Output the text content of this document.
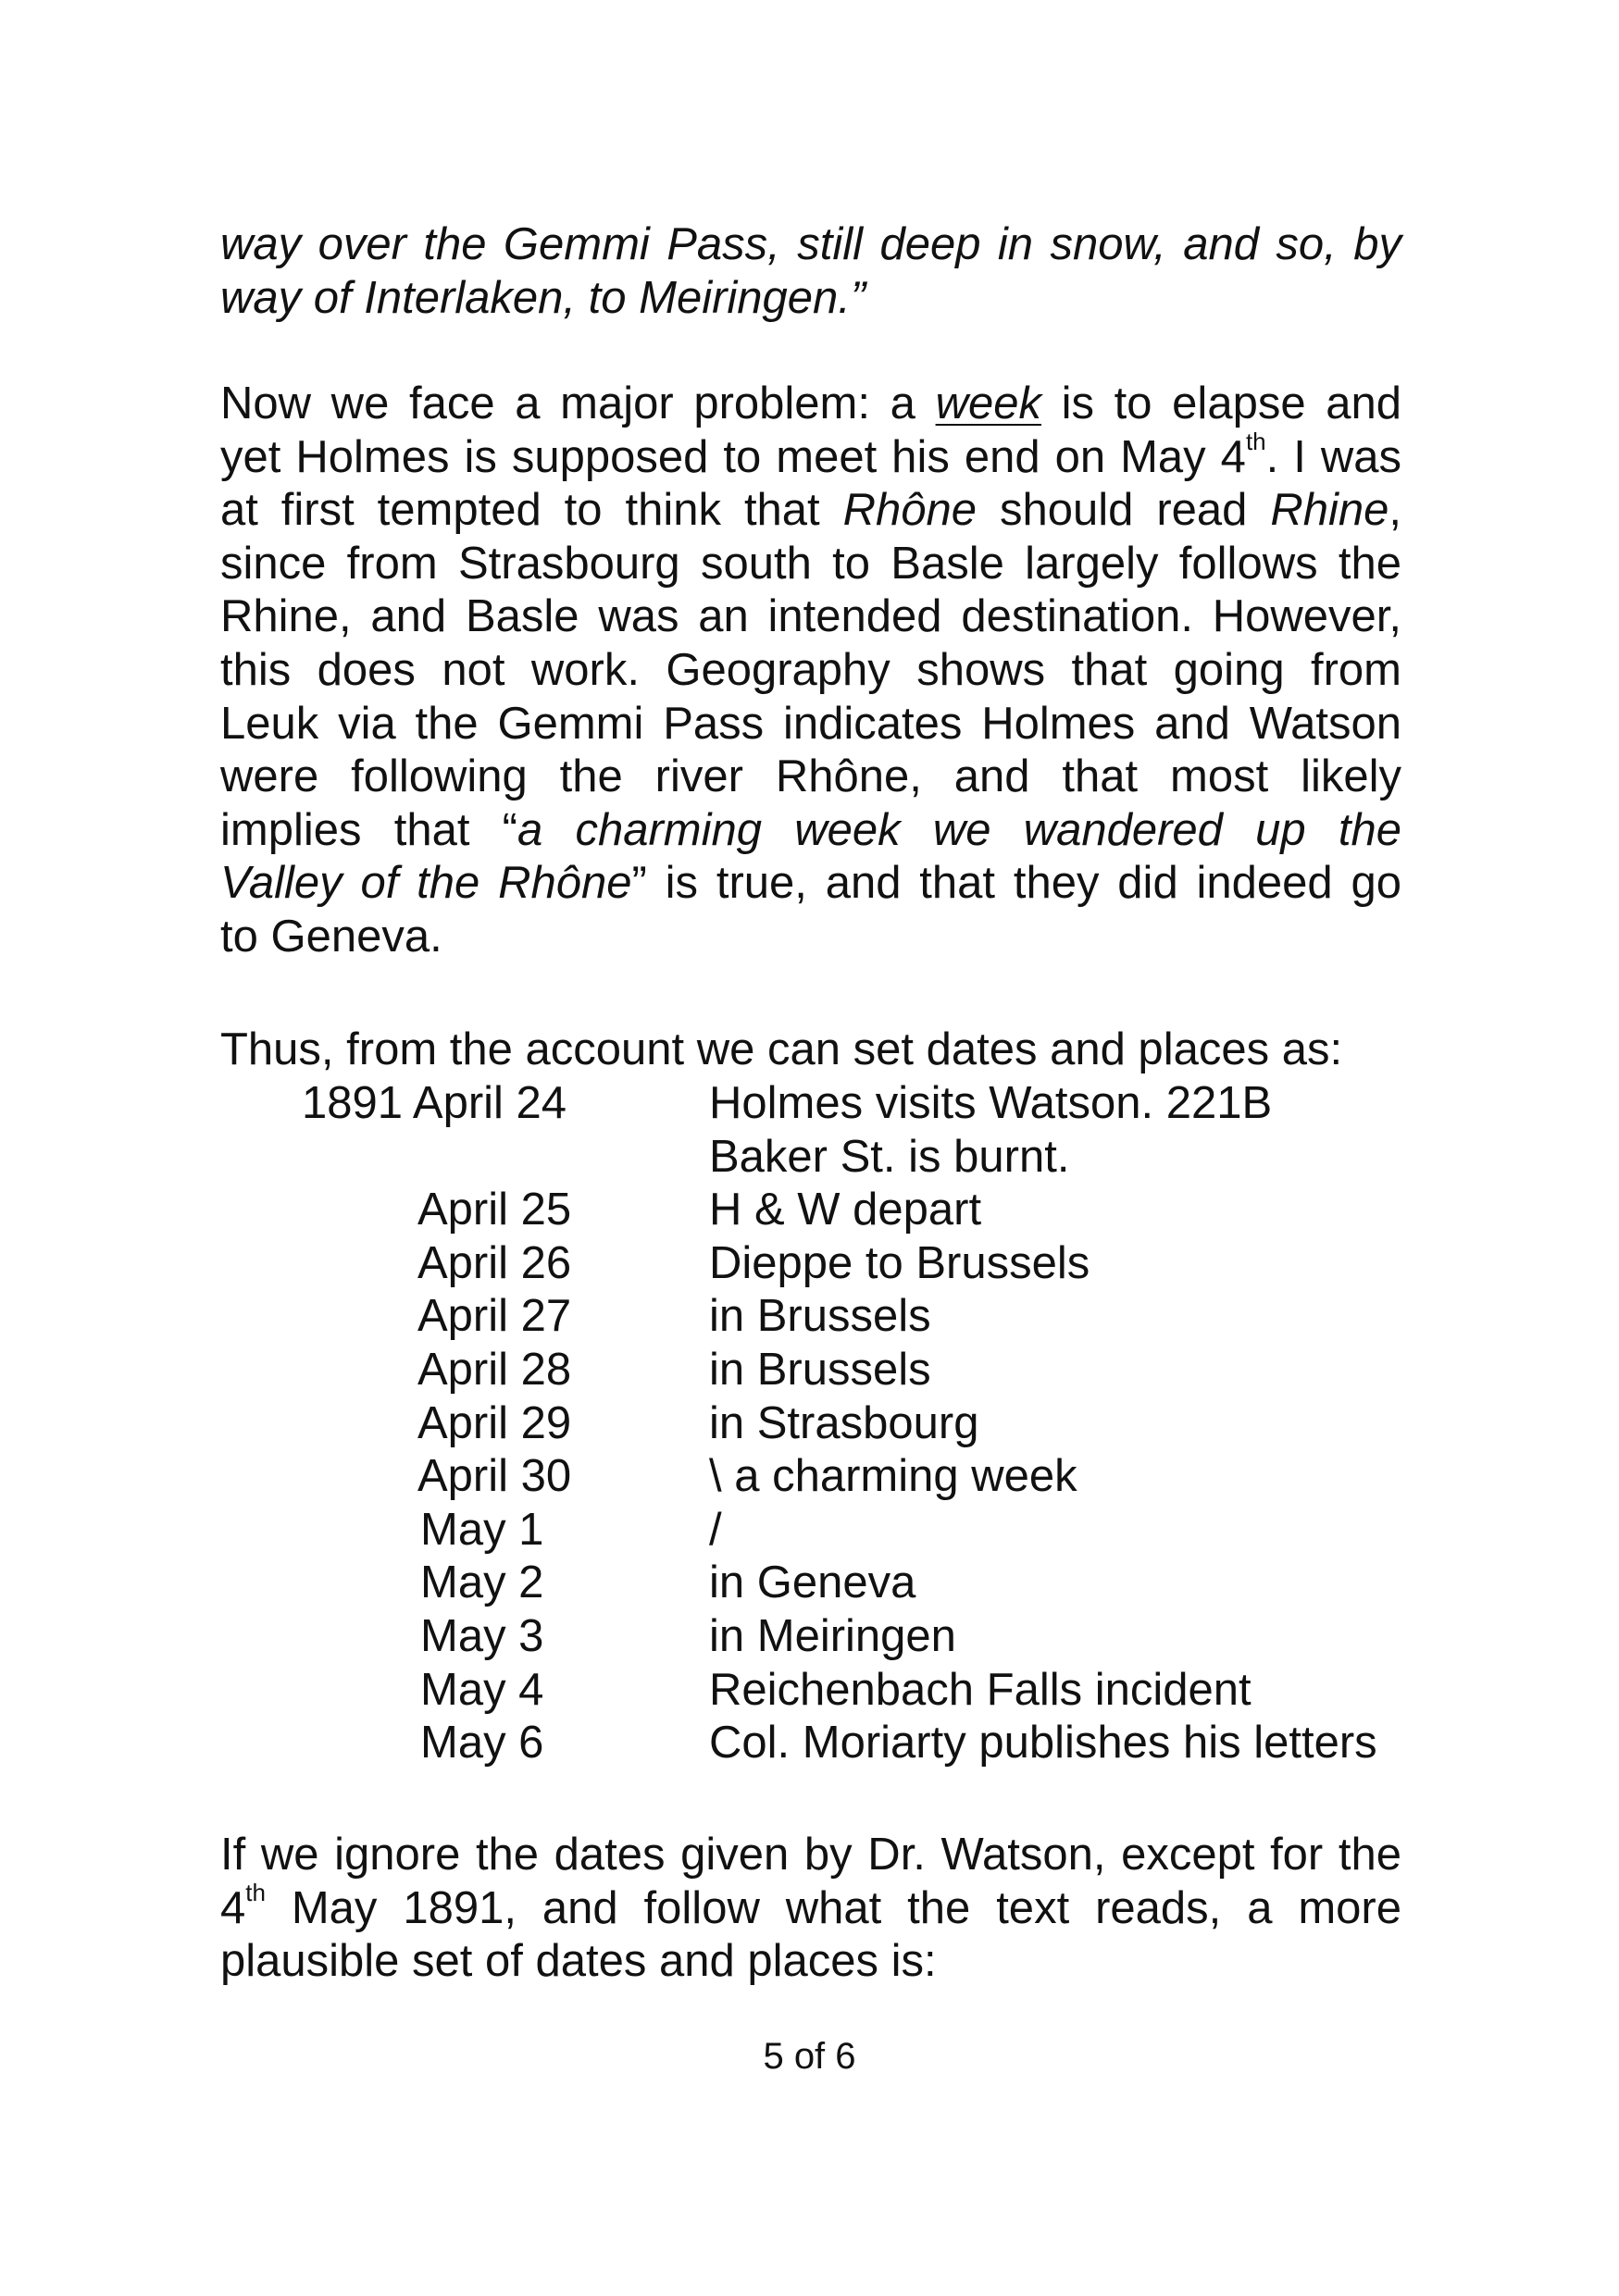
way over the Gemmi Pass, still deep in snow, and so, by
way of Interlaken, to Meiringen.”
Now we face a major problem: a week is to elapse and
yet Holmes is supposed to meet his end on May 4th. I was
at first tempted to think that Rhône should read Rhine,
since from Strasbourg south to Basle largely follows the
Rhine, and Basle was an intended destination. However,
this does not work. Geography shows that going from
Leuk via the Gemmi Pass indicates Holmes and Watson
were following the river Rhône, and that most likely
implies that “a charming week we wandered up the
Valley of the Rhône” is true, and that they did indeed go
to Geneva.
Thus, from the account we can set dates and places as:
1891 April 24	Holmes visits Watson. 221B
Baker St. is burnt.
April 25	H & W depart
April 26	Dieppe to Brussels
April 27	in Brussels
April 28	in Brussels
April 29	in Strasbourg
April 30	\ a charming week
May 1	/
May 2	in Geneva
May 3	in Meiringen
May 4	Reichenbach Falls incident
May 6	Col. Moriarty publishes his letters
If we ignore the dates given by Dr. Watson, except for the
4th May 1891, and follow what the text reads, a more
plausible set of dates and places is:
5 of 6
